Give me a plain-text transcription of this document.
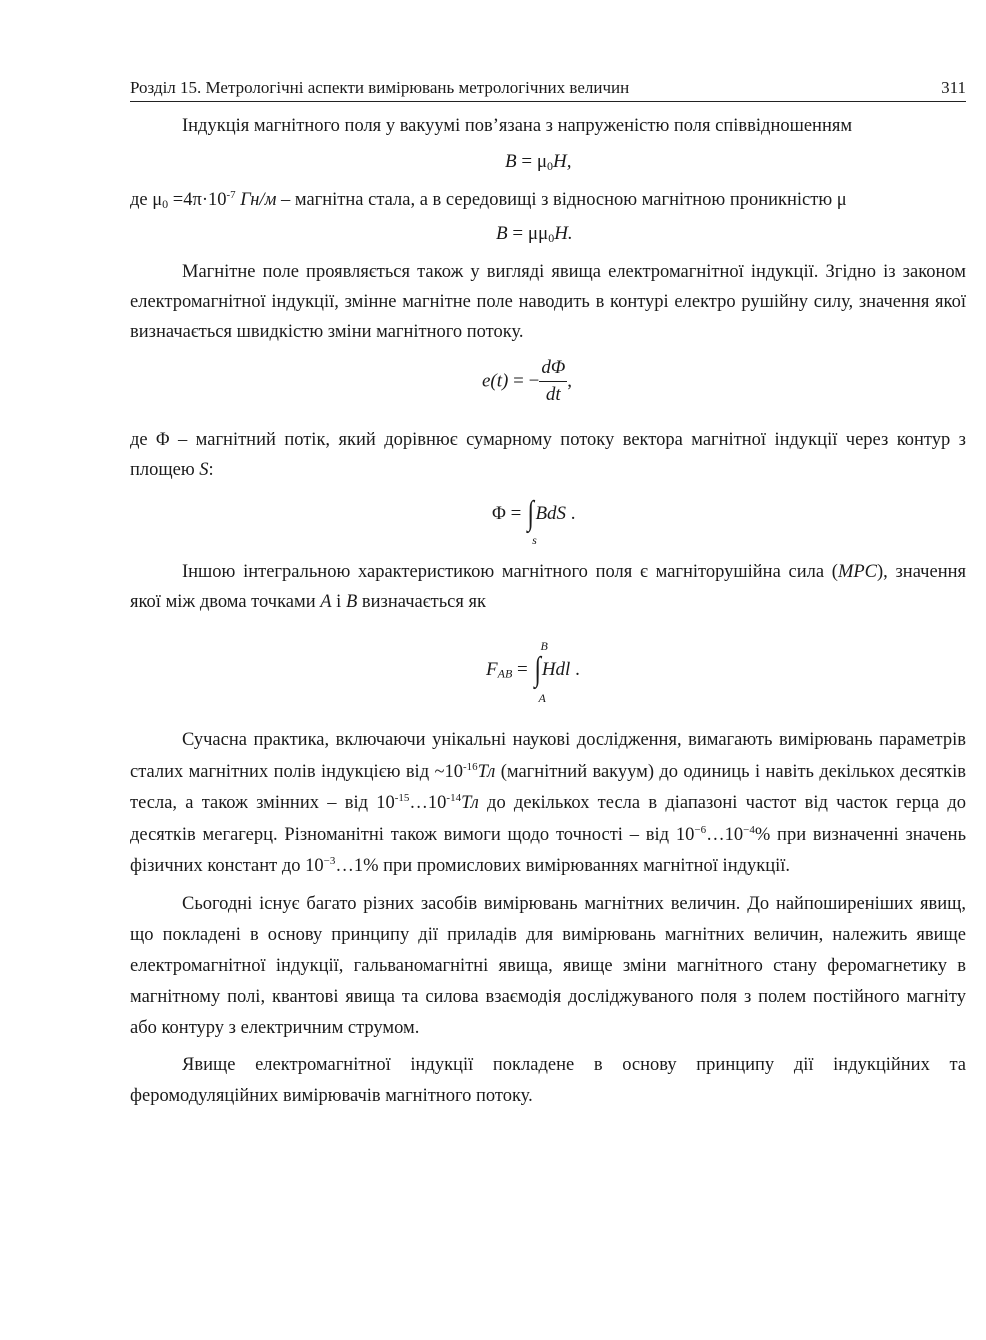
Розділ 15. Метрологічні аспекти вимірювань метрологічних величин	311

Індукція магнітного поля у вакуумі пов’язана з напруженістю поля співвідношенням

$B = \mu_0H$,

де $\mu_0 =4\pi\cdot 10^{-7}$ Гн/м – магнітна стала, а в середовищі з відносною магнітною проникністю μ

$B = \mu\mu_0H$.

Магнітне поле проявляється також у вигляді явища електромагнітної індукції. Згідно із законом електромагнітної індукції, змінне магнітне поле наводить в контурі електро рушійну силу, значення якої визначається швидкістю зміни магнітного потоку.

e(t) = − $\frac{d\Phi}{dt}$ ,

де Φ – магнітний потік, який дорівнює сумарному потоку вектора магнітної індукції через контур з площею S:

Φ = ∫
s
BdS .

Іншою інтегральною характеристикою магнітного поля є магніторушійна сила (МРС), значення якої між двома точками A і B визначається як

$F_{AB}$ =
B
∫
A
Hdl .

Сучасна практика, включаючи унікальні наукові дослідження, вимагають вимірювань параметрів сталих магнітних полів індукцією від $\sim 10^{-16}Тл$ (магнітний вакуум) до одиниць і навіть декількох десятків тесла, а також змінних – від $10^{-15}\dots 10^{-14}Тл$ до декількох тесла в діапазоні частот від часток герца до десятків мегагерц. Різноманітні також вимоги щодо точності – від $10^{-6}\dots 10^{-4}\%$ при визначенні значень фізичних констант до $10^{-3}\dots 1\%$ при промислових вимірюваннях магнітної індукції.

Сьогодні існує багато різних засобів вимірювань магнітних величин. До найпоширеніших явищ, що покладені в основу принципу дії приладів для вимірювань магнітних величин, належить явище електромагнітної індукції, гальваномагнітні явища, явище зміни магнітного стану феромагнетику в магнітному полі, квантові явища та силова взаємодія досліджуваного поля з полем постійного магніту або контуру з електричним струмом.

Явище електромагнітної індукції покладене в основу принципу дії індукційних та феромодуляційних вимірювачів магнітного потоку.
